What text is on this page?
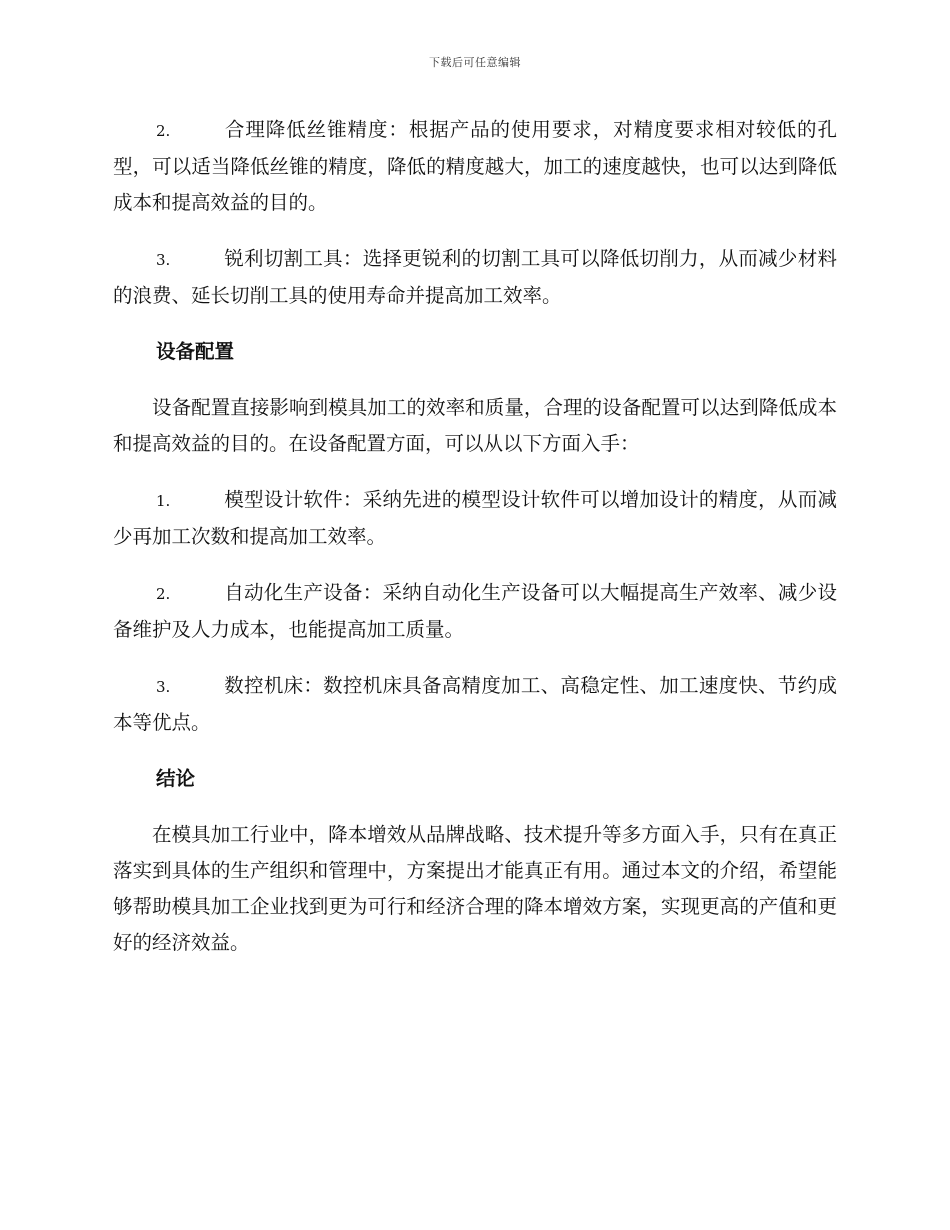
下载后可任意编辑
2.	合理降低丝锥精度：根据产品的使用要求，对精度要求相对较低的孔型，可以适当降低丝锥的精度，降低的精度越大，加工的速度越快，也可以达到降低成本和提高效益的目的。
3.	锐利切割工具：选择更锐利的切割工具可以降低切削力，从而减少材料的浪费、延长切削工具的使用寿命并提高加工效率。
设备配置

设备配置直接影响到模具加工的效率和质量，合理的设备配置可以达到降低成本和提高效益的目的。在设备配置方面，可以从以下方面入手：

1.	模型设计软件：采纳先进的模型设计软件可以增加设计的精度，从而减少再加工次数和提高加工效率。
2.	自动化生产设备：采纳自动化生产设备可以大幅提高生产效率、减少设备维护及人力成本，也能提高加工质量。
3.	数控机床：数控机床具备高精度加工、高稳定性、加工速度快、节约成本等优点。
结论

在模具加工行业中，降本增效从品牌战略、技术提升等多方面入手，只有在真正落实到具体的生产组织和管理中，方案提出才能真正有用。通过本文的介绍，希望能够帮助模具加工企业找到更为可行和经济合理的降本增效方案，实现更高的产值和更好的经济效益。
